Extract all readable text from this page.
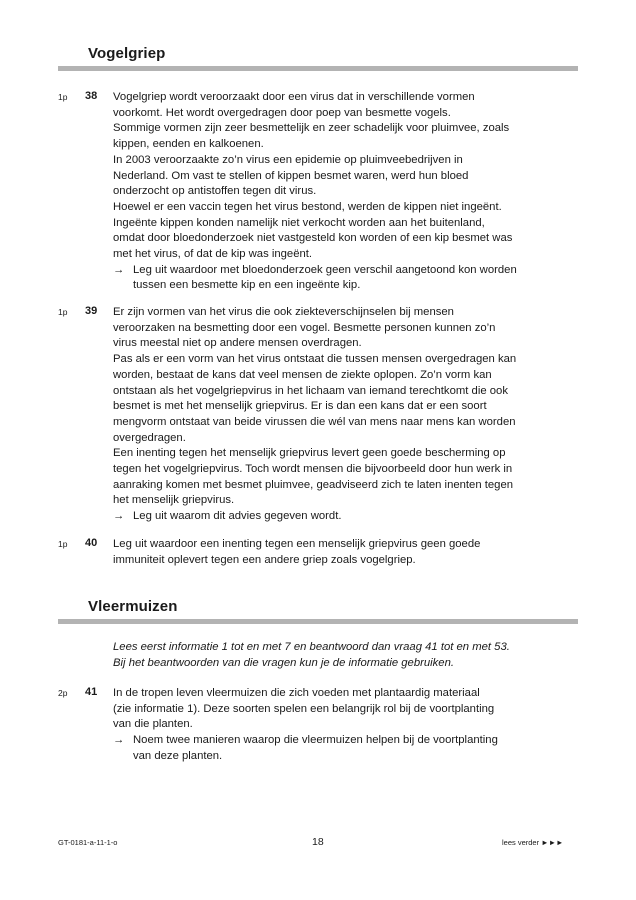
Vogelgriep
1p 38 Vogelgriep wordt veroorzaakt door een virus dat in verschillende vormen

voorkomt. Het wordt overgedragen door poep van besmette vogels.

Sommige vormen zijn zeer besmettelijk en zeer schadelijk voor pluimvee, zoals

kippen, eenden en kalkoenen.

In 2003 veroorzaakte zo’n virus een epidemie op pluimveebedrijven in

Nederland. Om vast te stellen of kippen besmet waren, werd hun bloed

onderzocht op antistoffen tegen dit virus.

Hoewel er een vaccin tegen het virus bestond, werden de kippen niet ingeënt.

Ingeënte kippen konden namelijk niet verkocht worden aan het buitenland,

omdat door bloedonderzoek niet vastgesteld kon worden of een kip besmet was

met het virus, of dat de kip was ingeënt.

→ Leg uit waardoor met bloedonderzoek geen verschil aangetoond kon worden

tussen een besmette kip en een ingeënte kip.

1p 39 Er zijn vormen van het virus die ook ziekteverschijnselen bij mensen

veroorzaken na besmetting door een vogel. Besmette personen kunnen zo’n

virus meestal niet op andere mensen overdragen.

Pas als er een vorm van het virus ontstaat die tussen mensen overgedragen kan

worden, bestaat de kans dat veel mensen de ziekte oplopen. Zo’n vorm kan

ontstaan als het vogelgriepvirus in het lichaam van iemand terechtkomt die ook

besmet is met het menselijk griepvirus. Er is dan een kans dat er een soort

mengvorm ontstaat van beide virussen die wél van mens naar mens kan worden

overgedragen.

Een inenting tegen het menselijk griepvirus levert geen goede bescherming op

tegen het vogelgriepvirus. Toch wordt mensen die bijvoorbeeld door hun werk in

aanraking komen met besmet pluimvee, geadviseerd zich te laten inenten tegen

het menselijk griepvirus.

→ Leg uit waarom dit advies gegeven wordt.

1p 40 Leg uit waardoor een inenting tegen een menselijk griepvirus geen goede

immuniteit oplevert tegen een andere griep zoals vogelgriep.

Vleermuizen

Lees eerst informatie 1 tot en met 7 en beantwoord dan vraag 41 tot en met 53.

Bij het beantwoorden van die vragen kun je de informatie gebruiken.

2p 41 In de tropen leven vleermuizen die zich voeden met plantaardig materiaal

(zie informatie 1). Deze soorten spelen een belangrijk rol bij de voortplanting

van die planten.

→ Noem twee manieren waarop die vleermuizen helpen bij de voortplanting

van deze planten.

GT-0181-a-11-1-o	18	lees verder ►►►
